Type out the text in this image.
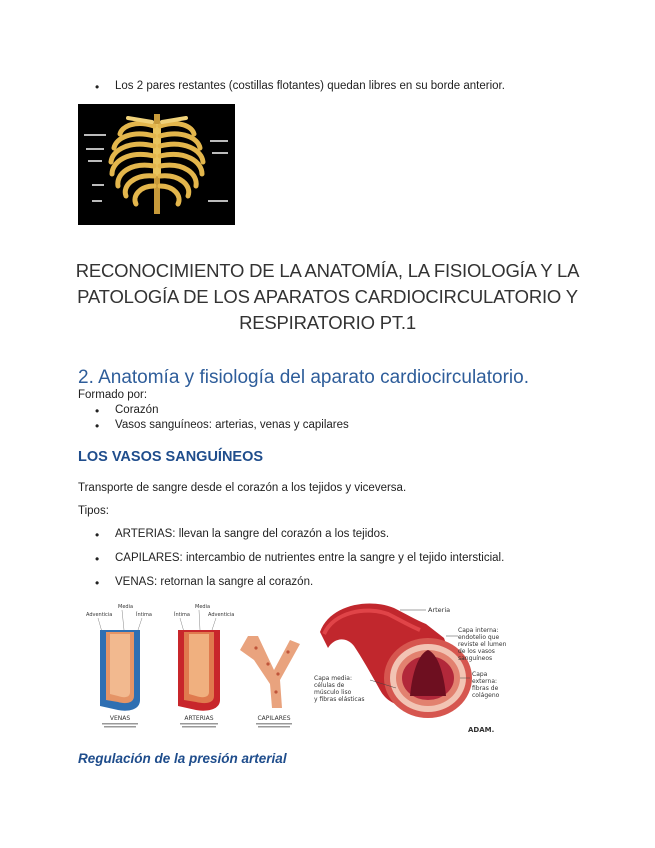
• Los 2 pares restantes (costillas flotantes) quedan libres en su borde anterior.
RECONOCIMIENTO DE LA ANATOMÍA, LA FISIOLOGÍA Y LA PATOLOGÍA DE LOS APARATOS CARDIOCIRCULATORIO Y RESPIRATORIO PT.1
2. Anatomía y fisiología del aparato cardiocirculatorio.
Formado por:
• Corazón
• Vasos sanguíneos: arterias, venas y capilares
LOS VASOS SANGUÍNEOS
Transporte de sangre desde el corazón a los tejidos y viceversa.
Tipos:
• ARTERIAS: llevan la sangre del corazón a los tejidos.
• CAPILARES: intercambio de nutrientes entre la sangre y el tejido intersticial.
• VENAS: retornan la sangre al corazón.
Media
Adventicia	Íntima
Media
Íntima	Adventicia
VENAS	ARTERIAS	CAPILARES
Arteria
Capa interna: endotelio que reviste el lumen de los vasos sanguíneos
Capa externa: fibras de colágeno
Capa media: células de músculo liso y fibras elásticas
ADAM.
Regulación de la presión arterial
